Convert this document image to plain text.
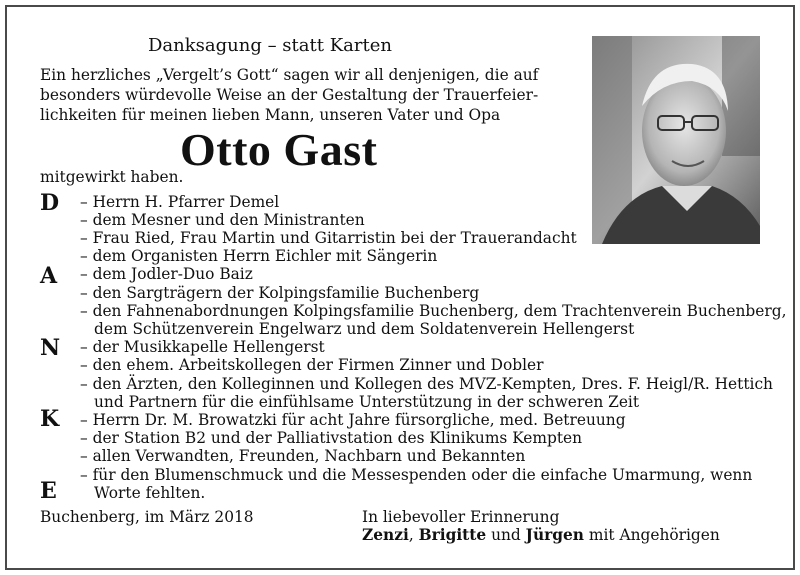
Danksagung – statt Karten
Ein herzliches „Vergelt’s Gott“ sagen wir all denjenigen, die auf
besonders würdevolle Weise an der Gestaltung der Trauerfeier-
lichkeiten für meinen lieben Mann, unseren Vater und Opa
Otto Gast
mitgewirkt haben.
D
A
N
K
E
– Herrn H. Pfarrer Demel
– dem Mesner und den Ministranten
– Frau Ried, Frau Martin und Gitarristin bei der Trauerandacht
– dem Organisten Herrn Eichler mit Sängerin
– dem Jodler-Duo Baiz
– den Sargträgern der Kolpingsfamilie Buchenberg
– den Fahnenabordnungen Kolpingsfamilie Buchenberg, dem Trachtenverein Buchenberg,
dem Schützenverein Engelwarz und dem Soldatenverein Hellengerst
– der Musikkapelle Hellengerst
– den ehem. Arbeitskollegen der Firmen Zinner und Dobler
– den Ärzten, den Kolleginnen und Kollegen des MVZ-Kempten, Dres. F. Heigl/R. Hettich
und Partnern für die einfühlsame Unterstützung in der schweren Zeit
– Herrn Dr. M. Browatzki für acht Jahre fürsorgliche, med. Betreuung
– der Station B2 und der Palliativstation des Klinikums Kempten
– allen Verwandten, Freunden, Nachbarn und Bekannten
– für den Blumenschmuck und die Messespenden oder die einfache Umarmung, wenn
Worte fehlten.
Buchenberg, im März 2018	In liebevoller Erinnerung
Zenzi, Brigitte und Jürgen mit Angehörigen
